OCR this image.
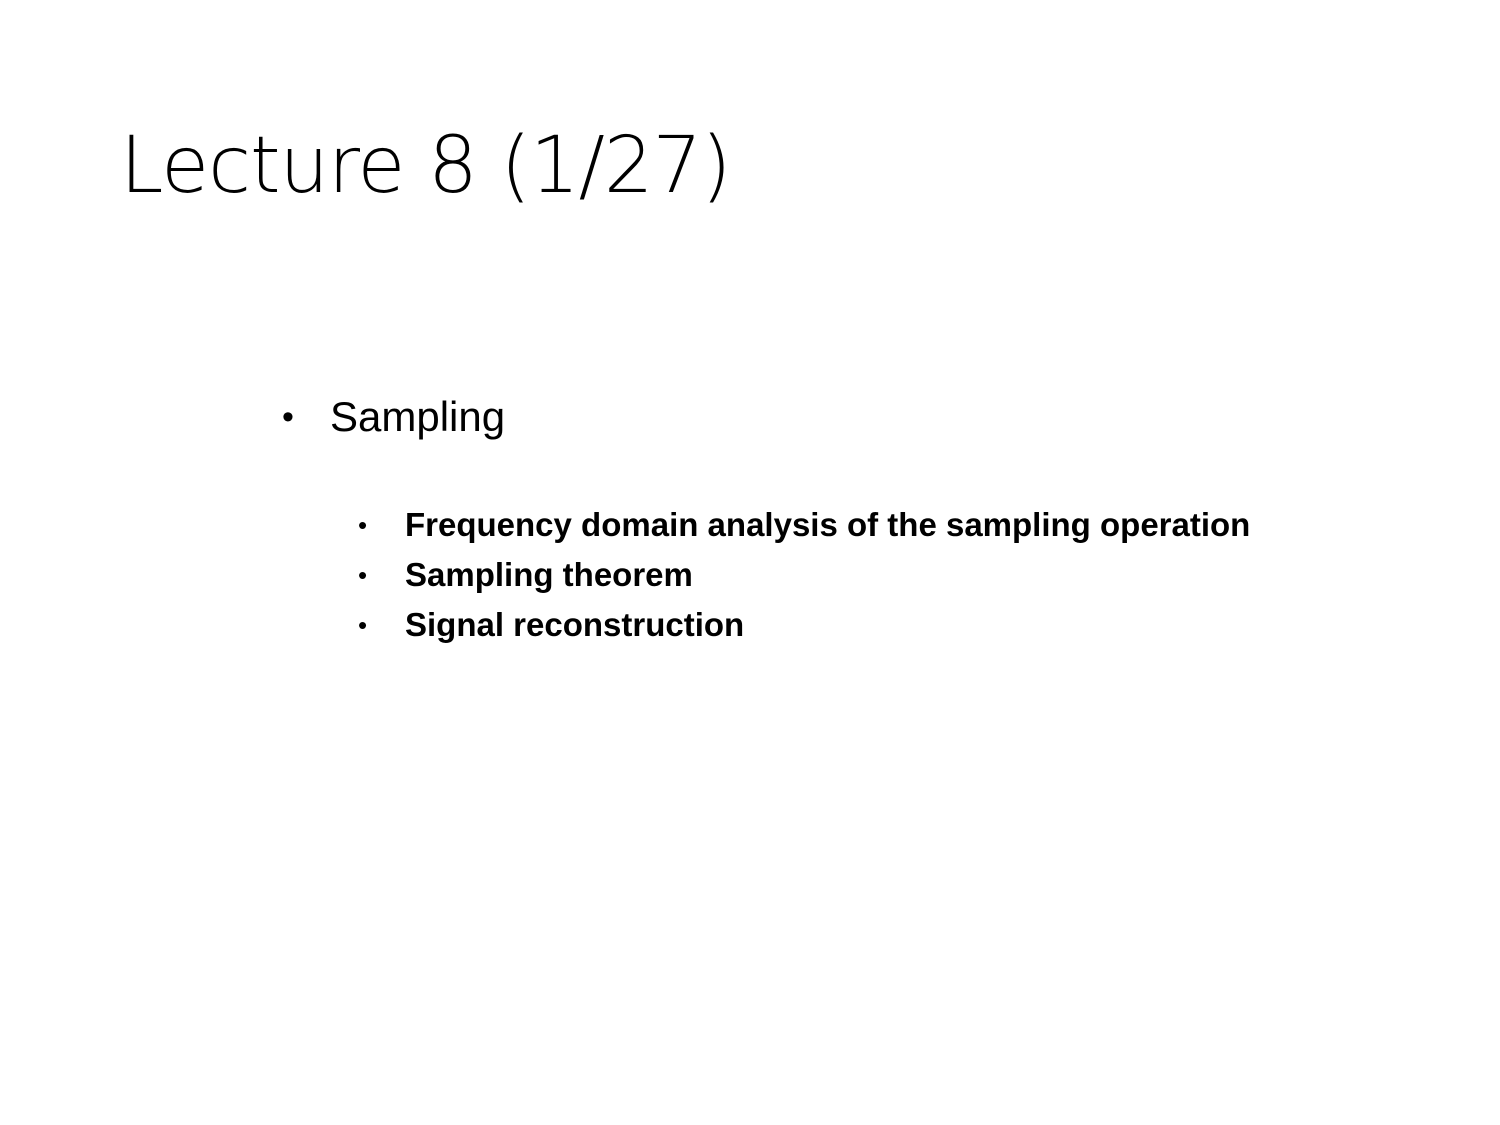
Lecture 8 (1/27)
• Sampling
• Frequency domain analysis of the sampling operation
• Sampling theorem
• Signal reconstruction
